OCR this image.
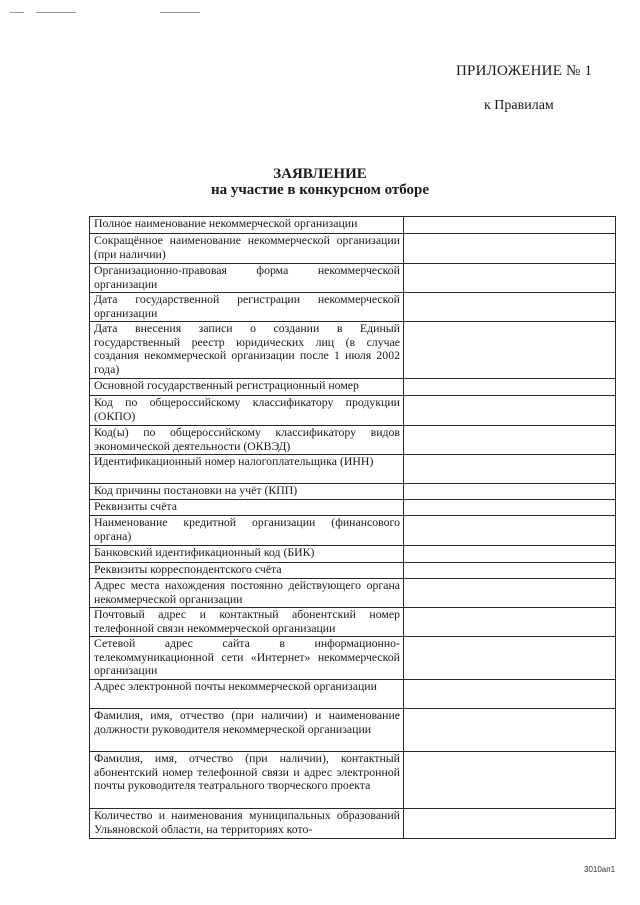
ПРИЛОЖЕНИЕ № 1
к Правилам
ЗАЯВЛЕНИЕ
на участие в конкурсном отборе
Полное наименование некоммерческой организации	
Сокращённое наименование некоммерческой организации (при наличии)	
Организационно-правовая форма некоммерческой организации	
Дата государственной регистрации некоммерческой организации	
Дата внесения записи о создании в Единый государственный реестр юридических лиц (в случае создания некоммерческой организации после 1 июля 2002 года)	
Основной государственный регистрационный номер	
Код по общероссийскому классификатору продукции (ОКПО)	
Код(ы) по общероссийскому классификатору видов экономической деятельности (ОКВЭД)	
Идентификационный номер налогоплательщика (ИНН)	
Код причины постановки на учёт (КПП)	
Реквизиты счёта	
Наименование кредитной организации (финансового органа)	
Банковский идентификационный код (БИК)	
Реквизиты корреспондентского счёта	
Адрес места нахождения постоянно действующего органа некоммерческой организации	
Почтовый адрес и контактный абонентский номер телефонной связи некоммерческой организации	
Сетевой адрес сайта в информационно-телекоммуникационной сети «Интернет» некоммерческой организации	
Адрес электронной почты некоммерческой организации	
Фамилия, имя, отчество (при наличии) и наименование должности руководителя некоммерческой организации	
Фамилия, имя, отчество (при наличии), контактный абонентский номер телефонной связи и адрес электронной почты руководителя театрального творческого проекта	
Количество и наименования муниципальных образований Ульяновской области, на территориях кото-	
3010ап1
